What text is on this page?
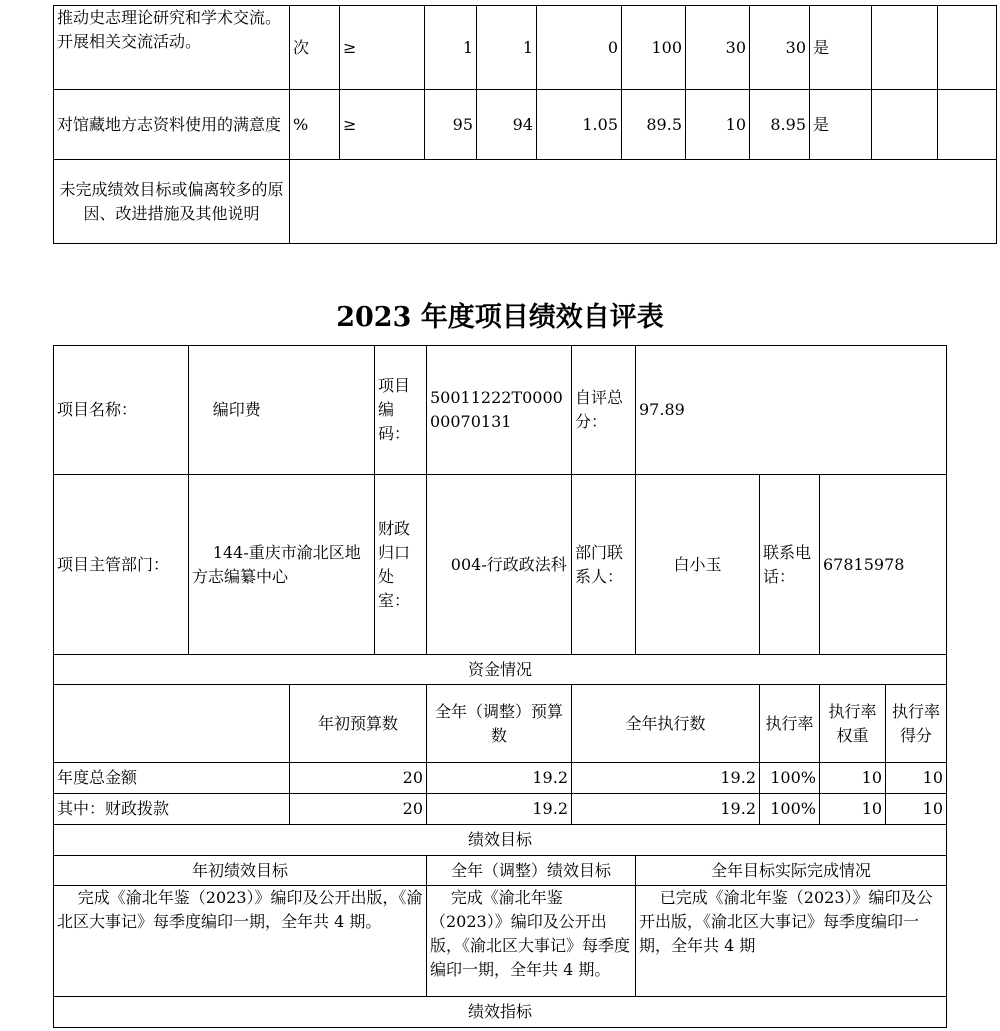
推动史志理论研究和学术交流。开展相关交流活动。	次	≥	1	1	0	100	30	30	是		
对馆藏地方志资料使用的满意度	%	≥	95	94	1.05	89.5	10	8.95	是		
未完成绩效目标或偏离较多的原因、改进措施及其他说明											
2023 年度项目绩效自评表
项目名称：	编印费		项目编码：	50011222T000000070131	自评总分：	97.89			
项目主管部门：	144-重庆市渝北区地方志编纂中心		财政归口处室：	004-行政政法科	部门联系人：	白小玉	联系电话：	67815978	
资金情况									
		年初预算数		全年（调整）预算数	全年执行数		执行率	执行率权重	执行率得分
年度总金额		20		19.2	19.2		100%	10	10
其中：财政拨款		20		19.2	19.2		100%	10	10
绩效目标									
年初绩效目标				全年（调整）绩效目标		全年目标实际完成情况			
完成《渝北年鉴（2023）》编印及公开出版，《渝北区大事记》每季度编印一期，全年共 4 期。				完成《渝北年鉴（2023）》编印及公开出版，《渝北区大事记》每季度编印一期，全年共 4 期。		已完成《渝北年鉴（2023）》编印及公开出版，《渝北区大事记》每季度编印一期，全年共 4 期			
绩效指标									
